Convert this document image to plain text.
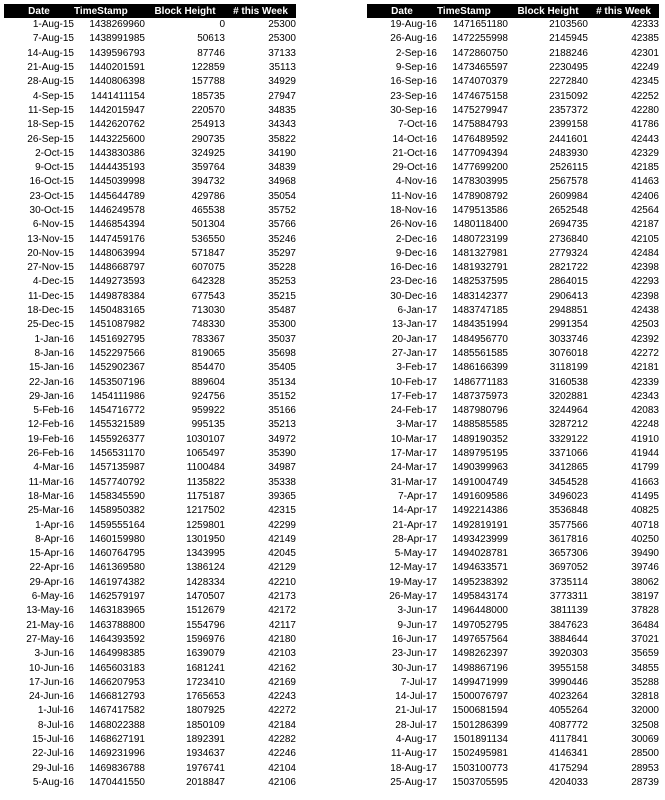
Date	TimeStamp	Block Height	# this Week
1-Aug-15	1438269960	0	25300
7-Aug-15	1438991985	50613	25300
14-Aug-15	1439596793	87746	37133
21-Aug-15	1440201591	122859	35113
28-Aug-15	1440806398	157788	34929
4-Sep-15	1441411154	185735	27947
11-Sep-15	1442015947	220570	34835
18-Sep-15	1442620762	254913	34343
26-Sep-15	1443225600	290735	35822
2-Oct-15	1443830386	324925	34190
9-Oct-15	1444435193	359764	34839
16-Oct-15	1445039998	394732	34968
23-Oct-15	1445644789	429786	35054
30-Oct-15	1446249578	465538	35752
6-Nov-15	1446854394	501304	35766
13-Nov-15	1447459176	536550	35246
20-Nov-15	1448063994	571847	35297
27-Nov-15	1448668797	607075	35228
4-Dec-15	1449273593	642328	35253
11-Dec-15	1449878384	677543	35215
18-Dec-15	1450483165	713030	35487
25-Dec-15	1451087982	748330	35300
1-Jan-16	1451692795	783367	35037
8-Jan-16	1452297566	819065	35698
15-Jan-16	1452902367	854470	35405
22-Jan-16	1453507196	889604	35134
29-Jan-16	1454111986	924756	35152
5-Feb-16	1454716772	959922	35166
12-Feb-16	1455321589	995135	35213
19-Feb-16	1455926377	1030107	34972
26-Feb-16	1456531170	1065497	35390
4-Mar-16	1457135987	1100484	34987
11-Mar-16	1457740792	1135822	35338
18-Mar-16	1458345590	1175187	39365
25-Mar-16	1458950382	1217502	42315
1-Apr-16	1459555164	1259801	42299
8-Apr-16	1460159980	1301950	42149
15-Apr-16	1460764795	1343995	42045
22-Apr-16	1461369580	1386124	42129
29-Apr-16	1461974382	1428334	42210
6-May-16	1462579197	1470507	42173
13-May-16	1463183965	1512679	42172
21-May-16	1463788800	1554796	42117
27-May-16	1464393592	1596976	42180
3-Jun-16	1464998385	1639079	42103
10-Jun-16	1465603183	1681241	42162
17-Jun-16	1466207953	1723410	42169
24-Jun-16	1466812793	1765653	42243
1-Jul-16	1467417582	1807925	42272
8-Jul-16	1468022388	1850109	42184
15-Jul-16	1468627191	1892391	42282
22-Jul-16	1469231996	1934637	42246
29-Jul-16	1469836788	1976741	42104
5-Aug-16	1470441550	2018847	42106
Date	TimeStamp	Block Height	# this Week
19-Aug-16	1471651180	2103560	42333
26-Aug-16	1472255998	2145945	42385
2-Sep-16	1472860750	2188246	42301
9-Sep-16	1473465597	2230495	42249
16-Sep-16	1474070379	2272840	42345
23-Sep-16	1474675158	2315092	42252
30-Sep-16	1475279947	2357372	42280
7-Oct-16	1475884793	2399158	41786
14-Oct-16	1476489592	2441601	42443
21-Oct-16	1477094394	2483930	42329
29-Oct-16	1477699200	2526115	42185
4-Nov-16	1478303995	2567578	41463
11-Nov-16	1478908792	2609984	42406
18-Nov-16	1479513586	2652548	42564
26-Nov-16	1480118400	2694735	42187
2-Dec-16	1480723199	2736840	42105
9-Dec-16	1481327981	2779324	42484
16-Dec-16	1481932791	2821722	42398
23-Dec-16	1482537595	2864015	42293
30-Dec-16	1483142377	2906413	42398
6-Jan-17	1483747185	2948851	42438
13-Jan-17	1484351994	2991354	42503
20-Jan-17	1484956770	3033746	42392
27-Jan-17	1485561585	3076018	42272
3-Feb-17	1486166399	3118199	42181
10-Feb-17	1486771183	3160538	42339
17-Feb-17	1487375973	3202881	42343
24-Feb-17	1487980796	3244964	42083
3-Mar-17	1488585585	3287212	42248
10-Mar-17	1489190352	3329122	41910
17-Mar-17	1489795195	3371066	41944
24-Mar-17	1490399963	3412865	41799
31-Mar-17	1491004749	3454528	41663
7-Apr-17	1491609586	3496023	41495
14-Apr-17	1492214386	3536848	40825
21-Apr-17	1492819191	3577566	40718
28-Apr-17	1493423999	3617816	40250
5-May-17	1494028781	3657306	39490
12-May-17	1494633571	3697052	39746
19-May-17	1495238392	3735114	38062
26-May-17	1495843174	3773311	38197
3-Jun-17	1496448000	3811139	37828
9-Jun-17	1497052795	3847623	36484
16-Jun-17	1497657564	3884644	37021
23-Jun-17	1498262397	3920303	35659
30-Jun-17	1498867196	3955158	34855
7-Jul-17	1499471999	3990446	35288
14-Jul-17	1500076797	4023264	32818
21-Jul-17	1500681594	4055264	32000
28-Jul-17	1501286399	4087772	32508
4-Aug-17	1501891134	4117841	30069
11-Aug-17	1502495981	4146341	28500
18-Aug-17	1503100773	4175294	28953
25-Aug-17	1503705595	4204033	28739
